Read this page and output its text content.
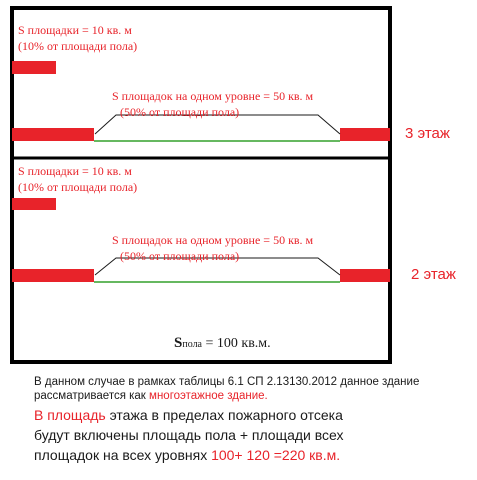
S площадки = 10 кв. м
(10% от площади пола)
S площадок на одном уровне = 50 кв. м
(50% от площади пола)
3 этаж
S площадки = 10 кв. м
(10% от площади пола)
S площадок на одном уровне = 50 кв. м
(50% от площади пола)
2 этаж
Sпола = 100 кв.м.
В данном случае в рамках таблицы 6.1 СП 2.13130.2012 данное здание
рассматривается как многоэтажное здание.
В площадь этажа в пределах пожарного отсека
будут включены площадь пола + площади всех
площадок на всех уровнях 100+ 120 =220 кв.м.
